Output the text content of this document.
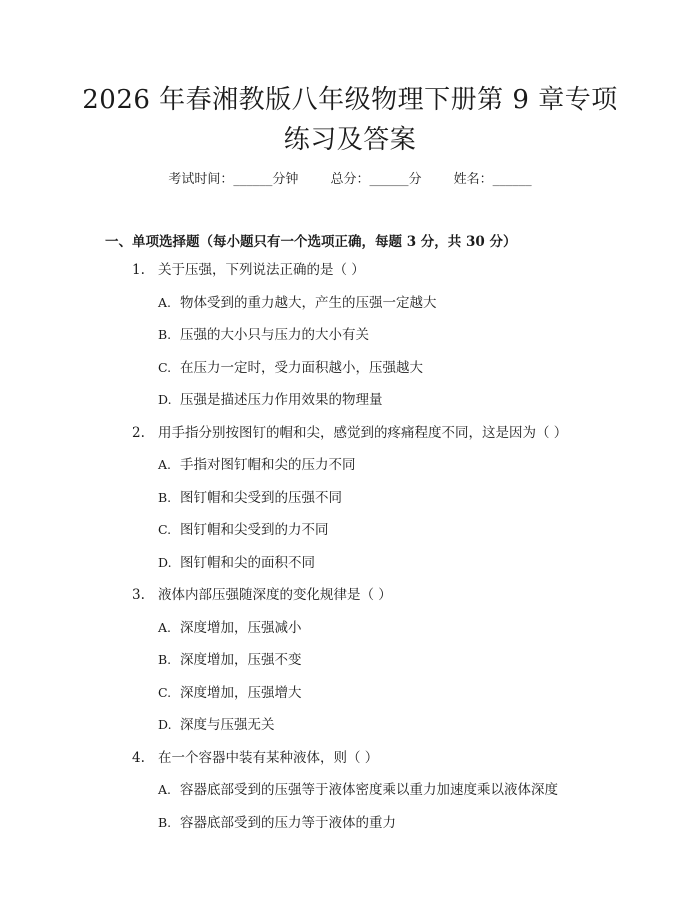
2026 年春湘教版八年级物理下册第 9 章专项
练习及答案
考试时间：______分钟 总分：______分 姓名：______
一、单项选择题（每小题只有一个选项正确，每题 3 分，共 30 分）
1. 关于压强，下列说法正确的是（ ）
A. 物体受到的重力越大，产生的压强一定越大
B. 压强的大小只与压力的大小有关
C. 在压力一定时，受力面积越小，压强越大
D. 压强是描述压力作用效果的物理量
2. 用手指分别按图钉的帽和尖，感觉到的疼痛程度不同，这是因为（ ）
A. 手指对图钉帽和尖的压力不同
B. 图钉帽和尖受到的压强不同
C. 图钉帽和尖受到的力不同
D. 图钉帽和尖的面积不同
3. 液体内部压强随深度的变化规律是（ ）
A. 深度增加，压强减小
B. 深度增加，压强不变
C. 深度增加，压强增大
D. 深度与压强无关
4. 在一个容器中装有某种液体，则（ ）
A. 容器底部受到的压强等于液体密度乘以重力加速度乘以液体深度
B. 容器底部受到的压力等于液体的重力
